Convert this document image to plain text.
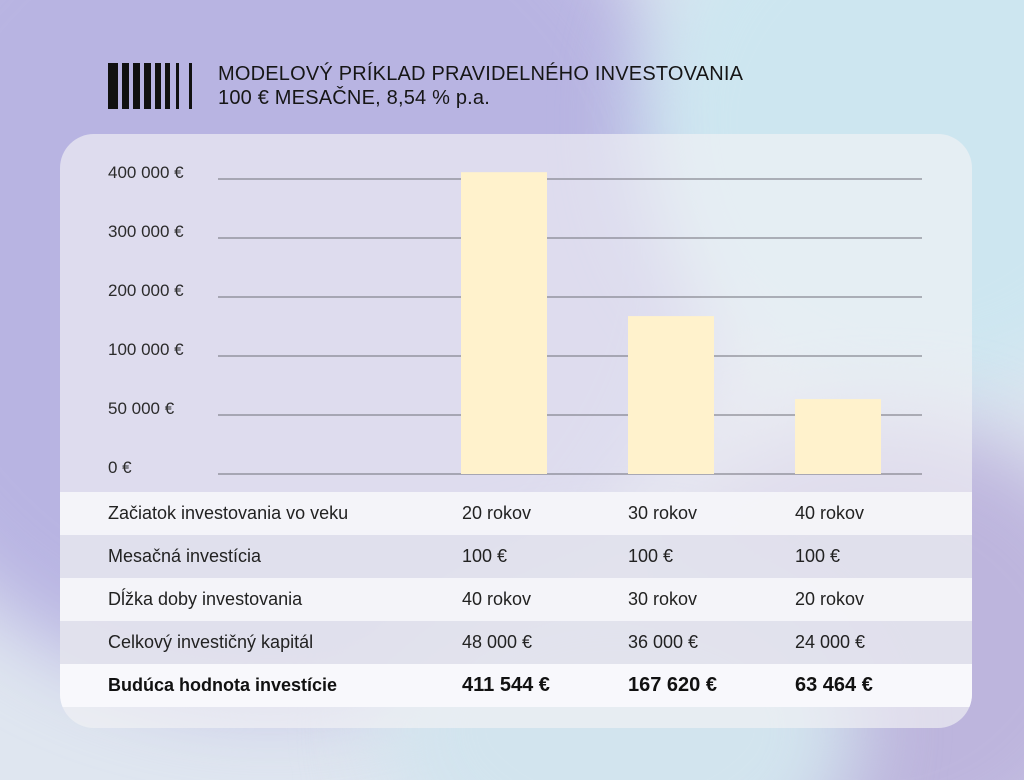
MODELOVÝ PRÍKLAD PRAVIDELNÉHO INVESTOVANIA
100 € MESAČNE, 8,54 % p.a.
0 €
50 000 €
100 000 €
200 000 €
300 000 €
400 000 €
Začiatok investovania vo veku	20 rokov	30 rokov	40 rokov
Mesačná investícia	100 €	100 €	100 €
Dĺžka doby investovania	40 rokov	30 rokov	20 rokov
Celkový investičný kapitál	48 000 €	36 000 €	24 000 €
Budúca hodnota investície	411 544 €	167 620 €	63 464 €
